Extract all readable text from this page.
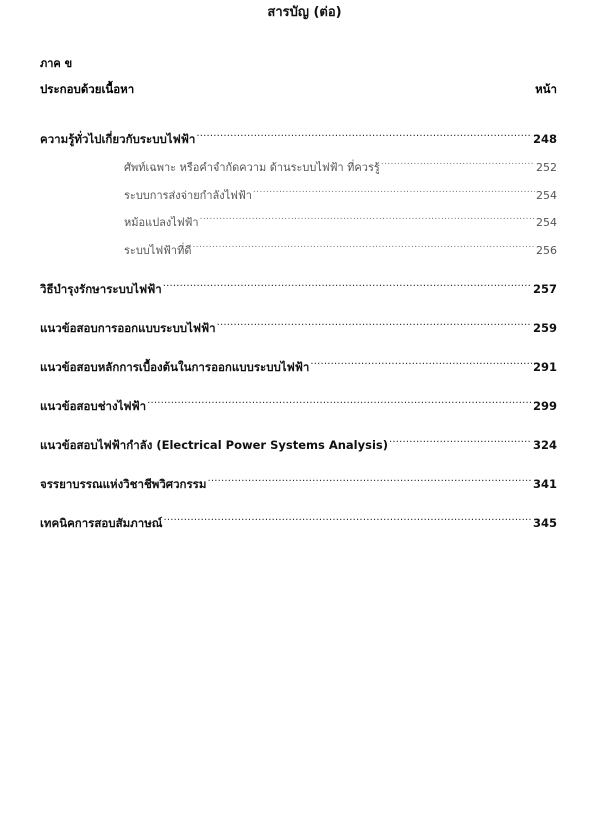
สารบัญ (ต่อ)
ภาค ข
ประกอบด้วยเนื้อหา	หน้า
ความรู้ทั่วไปเกี่ยวกับระบบไฟฟ้า .....	248
ศัพท์เฉพาะ หรือคำจำกัดความ ด้านระบบไฟฟ้า ที่ควรรู้ .....	252
ระบบการส่งจ่ายกำลังไฟฟ้า .....	254
หม้อแปลงไฟฟ้า .....	254
ระบบไฟฟ้าที่ดี .....	256
วิธีบำรุงรักษาระบบไฟฟ้า .....	257
แนวข้อสอบการออกแบบระบบไฟฟ้า .....	259
แนวข้อสอบหลักการเบื้องต้นในการออกแบบระบบไฟฟ้า .....	291
แนวข้อสอบช่างไฟฟ้า .....	299
แนวข้อสอบไฟฟ้ากำลัง (Electrical Power Systems Analysis) .....	324
จรรยาบรรณแห่งวิชาชีพวิศวกรรม .....	341
เทคนิคการสอบสัมภาษณ์ .....	345
